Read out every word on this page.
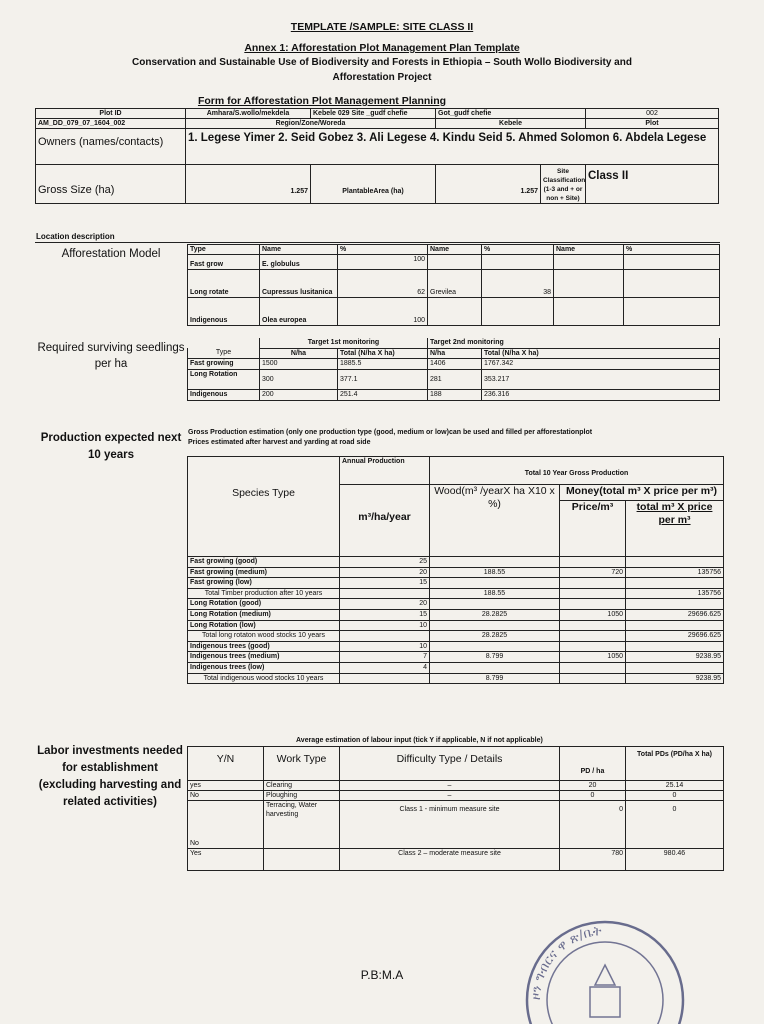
TEMPLATE /SAMPLE: SITE CLASS II
Annex 1: Afforestation Plot Management Plan Template
Conservation and Sustainable Use of Biodiversity and Forests in Ethiopia – South Wollo Biodiversity and
Afforestation Project
Form for Afforestation Plot Management Planning
Plot ID	Amhara/S.wollo/mekdela	Kebele 029 Site _gudf chefie	Got_gudf chefie		002
AM_DD_079_07_1604_002	Region/Zone/Woreda		Kebele		Plot
Owners (names/contacts)	1. Legese Yimer 2. Seid Gobez 3. Ali Legese 4. Kindu Seid 5. Ahmed Solomon 6. Abdela Legese				
Gross Size (ha)	1.257	PlantableArea (ha)	1.257	Site Classification (1-3 and + or non + Site)	Class II
Location description
Afforestation Model	Type	Name	%	Name	%	Name	%
Fast grow	E. globulus	100				
Long rotate	Cupressus lusitanica	62	Grevilea	38		
Indigenous	Olea europea	100				
Required surviving seedlings per ha
	Target 1st monitoring		Target 2nd monitoring	
Type	N/ha	Total (N/ha X ha)	N/ha	Total (N/ha X ha)
Fast growing	1500	1885.5	1406	1767.342
Long Rotation	300	377.1	281	353.217
Indigenous	200	251.4	188	236.316
Production expected next 10 years
Gross Production estimation (only one production type (good, medium or low)can be used and filled per afforestationplot Prices estimated after harvest and yarding at road side
Species Type	Annual Production	Total 10 Year Gross Production		
	m³/ha/year	Wood(m³ /yearX ha X10 x %)	Money(total m³ X price per m³)	
			Price/m³	total m³ X price per m³
Fast growing (good)	25			
Fast growing (medium)	20	188.55	720	135756
Fast growing (low)	15			
Total Timber production after 10 years		188.55		135756
Long Rotation (good)	20			
Long Rotation (medium)	15	28.2825	1050	29696.625
Long Rotation (low)	10			
Total long rotaton wood stocks 10 years		28.2825		29696.625
Indigenous trees (good)	10			
Indigenous trees (medium)	7	8.799	1050	9238.95
Indigenous trees (low)	4			
Total indigenous wood stocks 10 years		8.799		9238.95
Labor investments needed for establishment (excluding harvesting and related activities)
Average estimation of labour input (tick Y if applicable, N if not applicable)
Y/N	Work Type	Difficulty Type / Details	PD / ha	Total PDs (PD/ha X ha)
yes	Clearing	–	20	25.14
No	Ploughing	–	0	0
No	Terracing, Water harvesting	Class 1 - minimum measure site	0	0
Yes		Class 2 – moderate measure site	780	980.46
P.B:M.A
ዞን ግብርና ዋ ጽ/ቤት
